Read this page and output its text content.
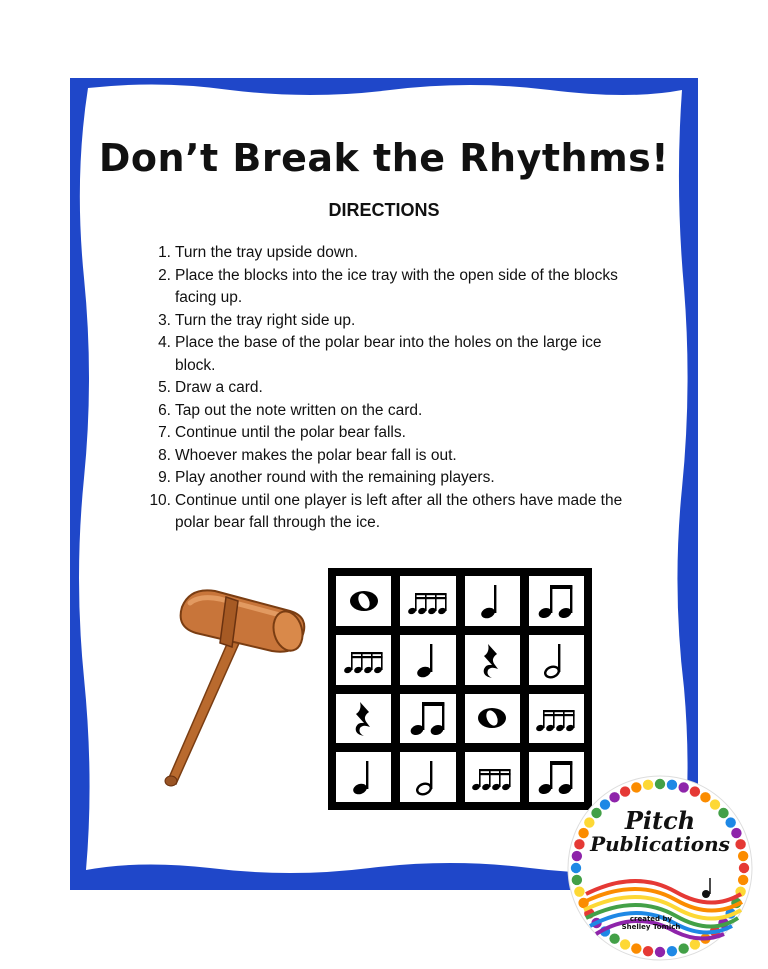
Don’t Break the Rhythms!
DIRECTIONS
1. Turn the tray upside down.
2. Place the blocks into the ice tray with the open side of the blocks facing up.
3. Turn the tray right side up.
4. Place the base of the polar bear into the holes on the large ice block.
5. Draw a card.
6. Tap out the note written on the card.
7. Continue until the polar bear falls.
8. Whoever makes the polar bear fall is out.
9. Play another round with the remaining players.
10. Continue until one player is left after all the others have made the polar bear fall through the ice.
Pitch
Publications
created by
Shelley Tomich
